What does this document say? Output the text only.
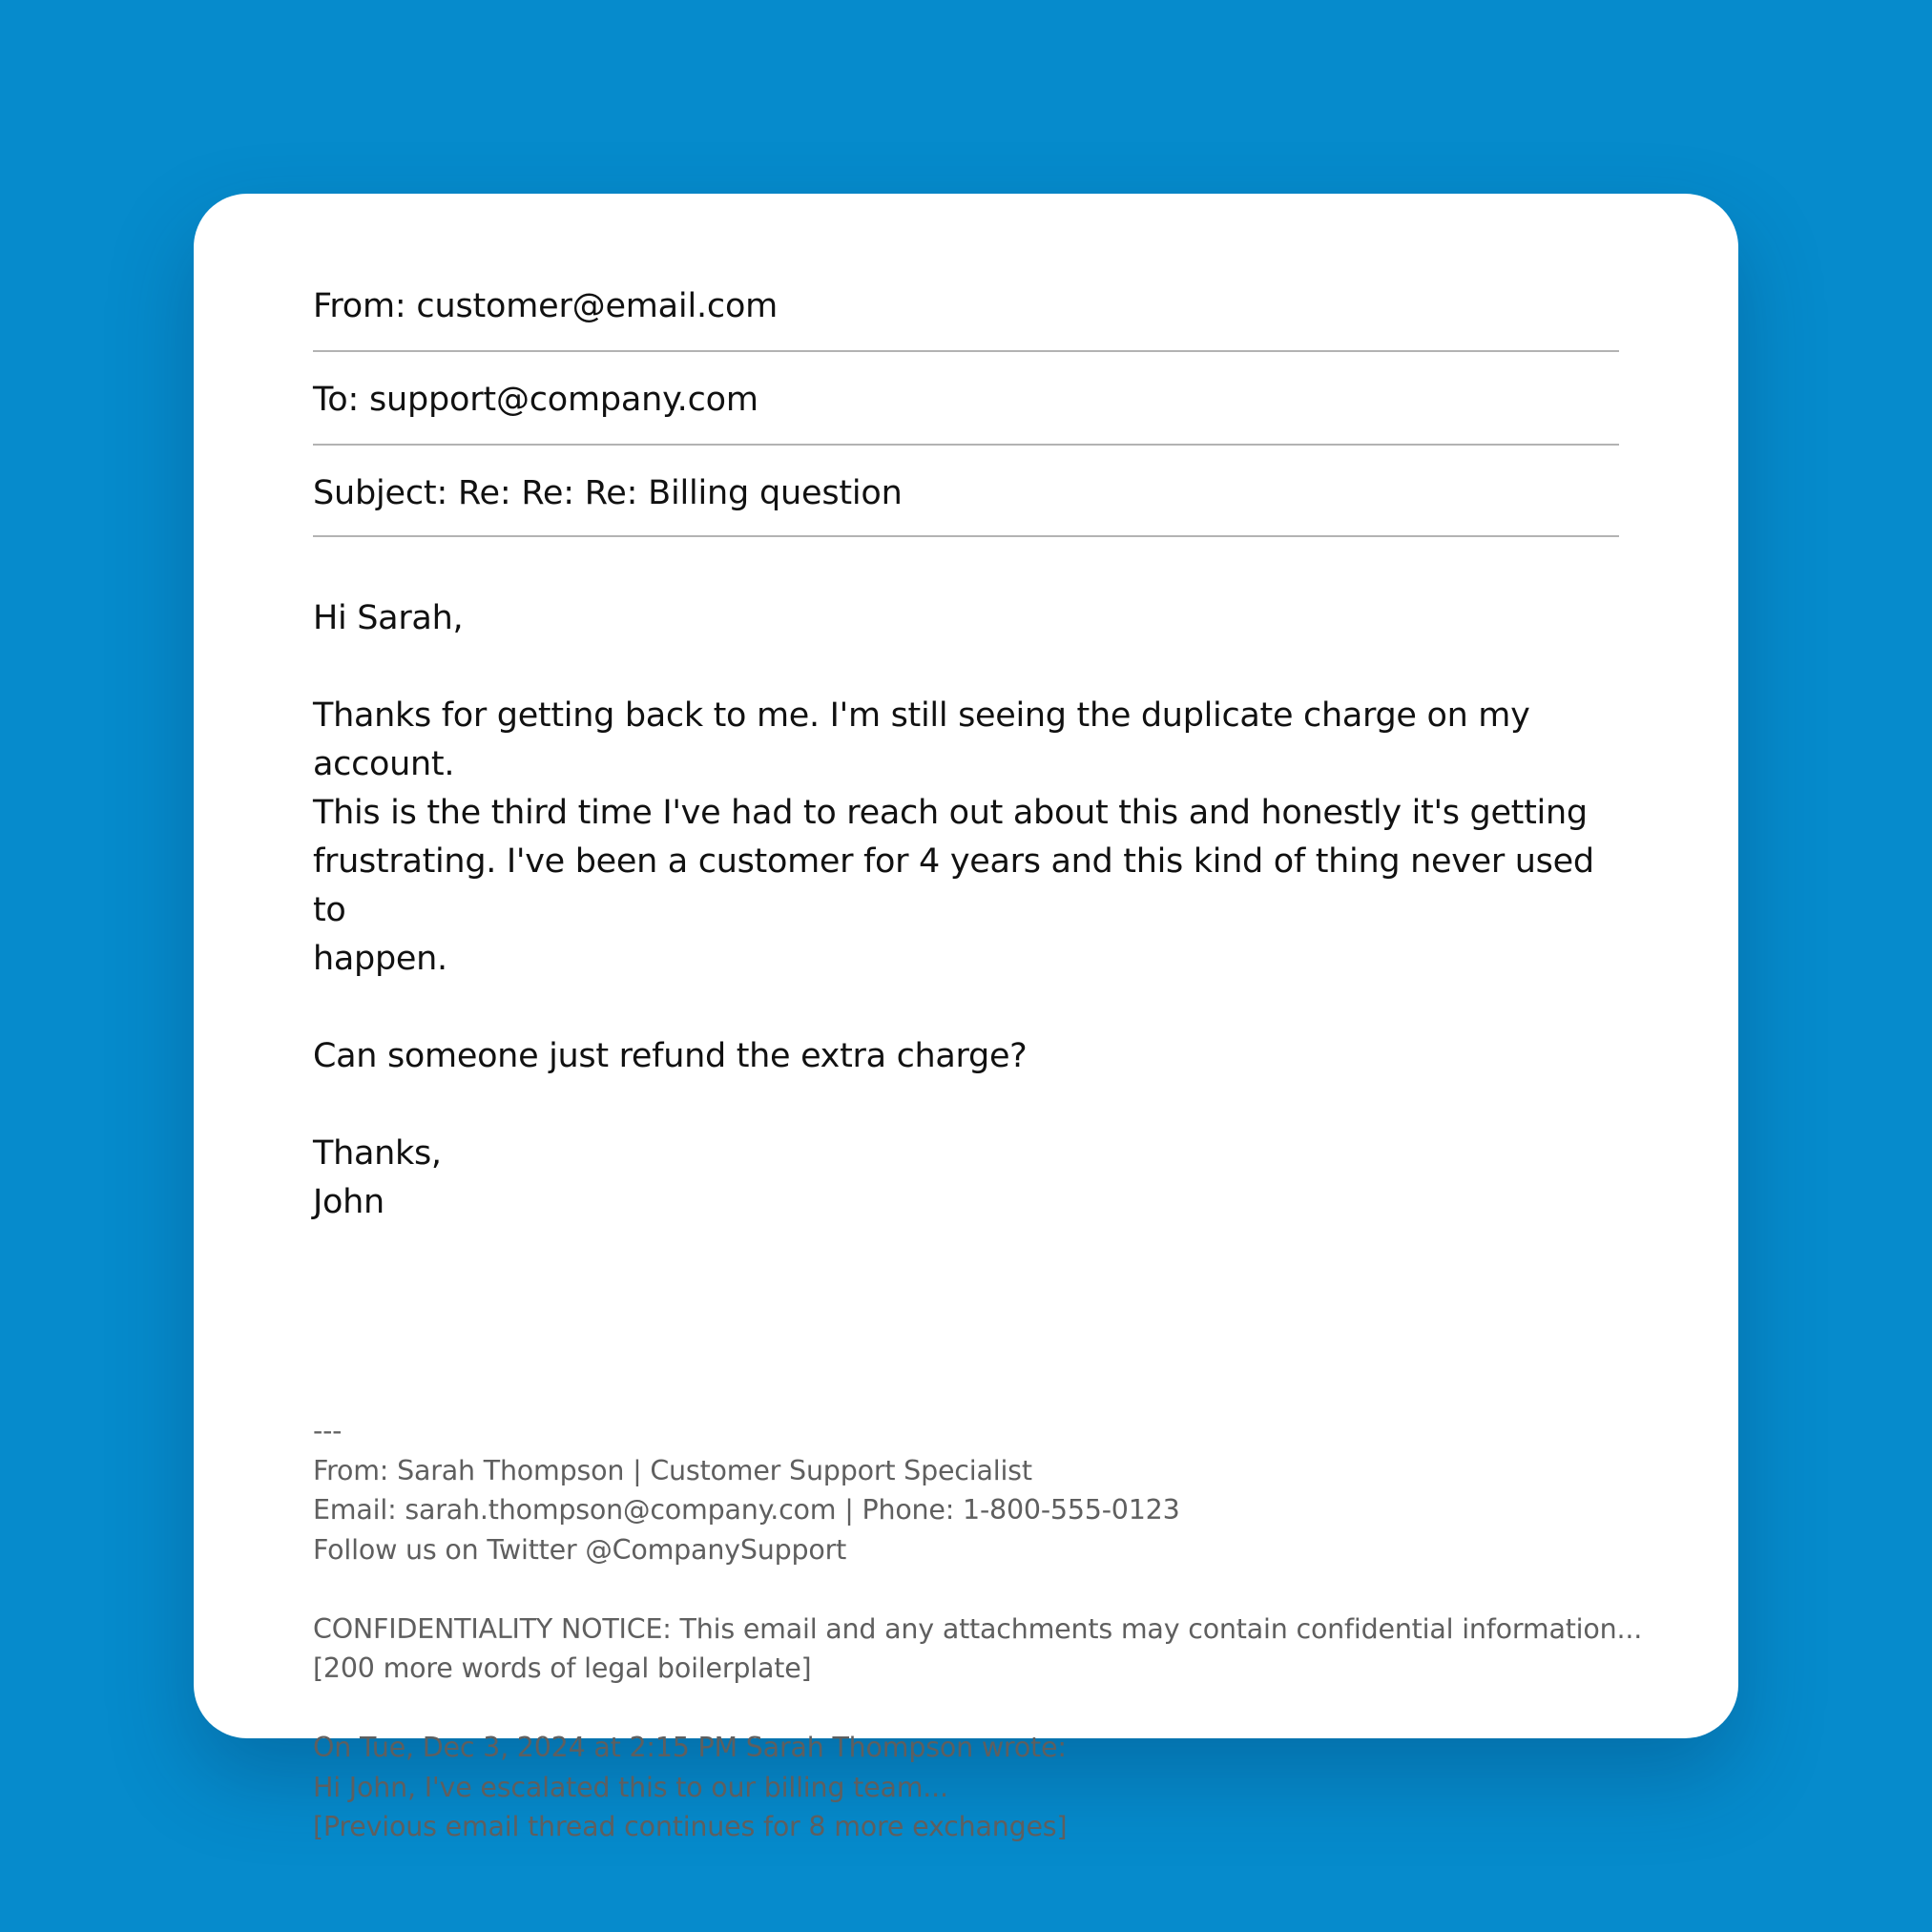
From: customer@email.com
To: support@company.com
Subject: Re: Re: Re: Billing question

Hi Sarah,

Thanks for getting back to me. I'm still seeing the duplicate charge on my

account.

This is the third time I've had to reach out about this and honestly it's getting

frustrating. I've been a customer for 4 years and this kind of thing never used to

happen.

Can someone just refund the extra charge?

Thanks,

John

---

From: Sarah Thompson | Customer Support Specialist

Email: sarah.thompson@company.com | Phone: 1-800-555-0123

Follow us on Twitter @CompanySupport

CONFIDENTIALITY NOTICE: This email and any attachments may contain confidential information...

[200 more words of legal boilerplate]

On Tue, Dec 3, 2024 at 2:15 PM Sarah Thompson wrote:

Hi John, I've escalated this to our billing team...

[Previous email thread continues for 8 more exchanges]
